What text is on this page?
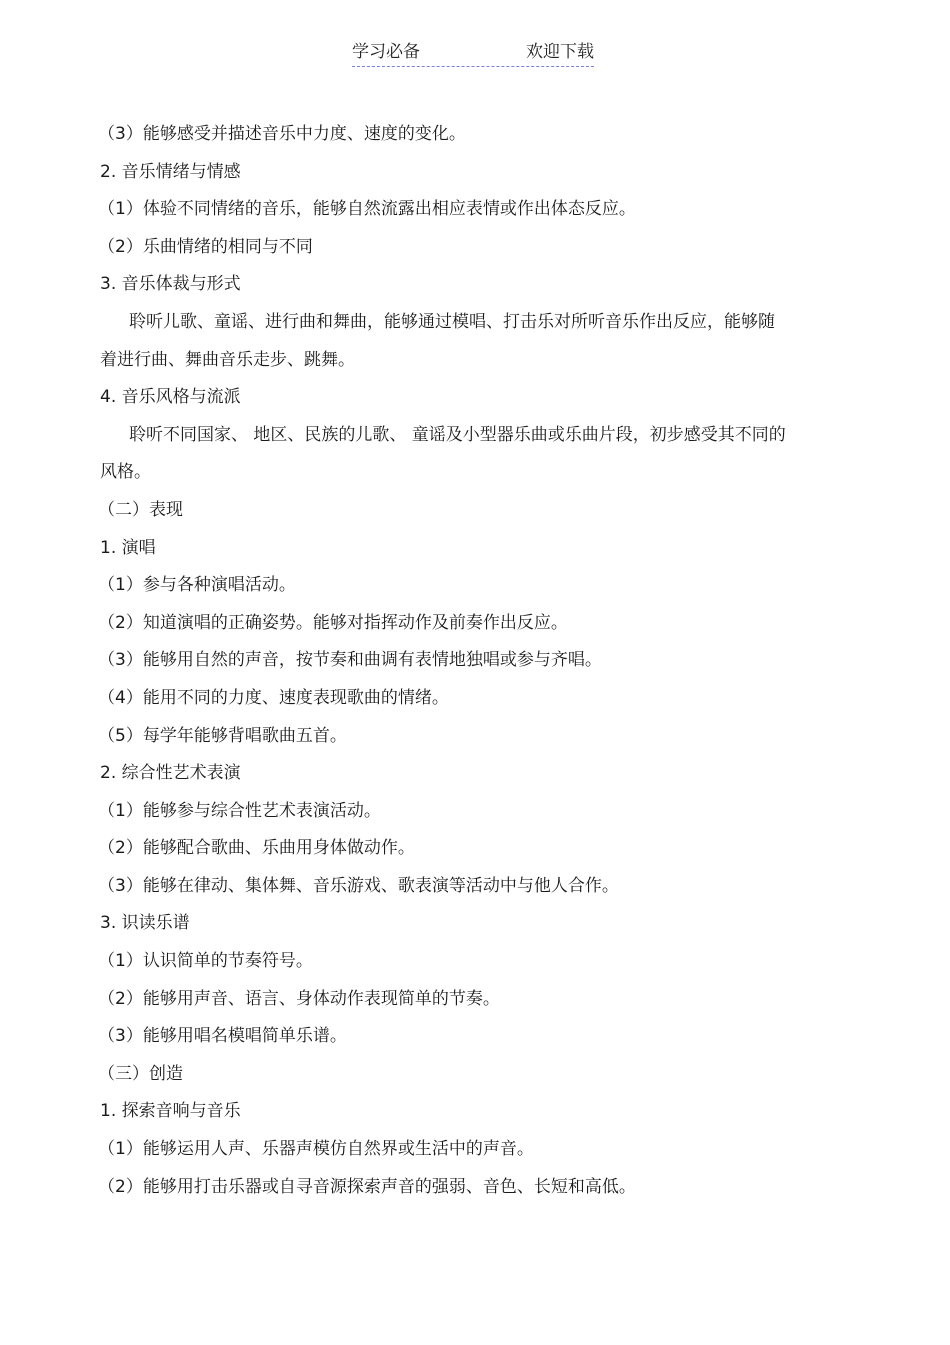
学习必备	欢迎下载
（3）能够感受并描述音乐中力度、速度的变化。
2. 音乐情绪与情感
（1）体验不同情绪的音乐，能够自然流露出相应表情或作出体态反应。
（2）乐曲情绪的相同与不同
3. 音乐体裁与形式
聆听儿歌、童谣、进行曲和舞曲，能够通过模唱、打击乐对所听音乐作出反应，能够随
着进行曲、舞曲音乐走步、跳舞。
4. 音乐风格与流派
聆听不同国家、 地区、民族的儿歌、 童谣及小型器乐曲或乐曲片段，初步感受其不同的
风格。
（二）表现
1. 演唱
（1）参与各种演唱活动。
（2）知道演唱的正确姿势。能够对指挥动作及前奏作出反应。
（3）能够用自然的声音，按节奏和曲调有表情地独唱或参与齐唱。
（4）能用不同的力度、速度表现歌曲的情绪。
（5）每学年能够背唱歌曲五首。
2. 综合性艺术表演
（1）能够参与综合性艺术表演活动。
（2）能够配合歌曲、乐曲用身体做动作。
（3）能够在律动、集体舞、音乐游戏、歌表演等活动中与他人合作。
3. 识读乐谱
（1）认识简单的节奏符号。
（2）能够用声音、语言、身体动作表现简单的节奏。
（3）能够用唱名模唱简单乐谱。
（三）创造
1. 探索音响与音乐
（1）能够运用人声、乐器声模仿自然界或生活中的声音。
（2）能够用打击乐器或自寻音源探索声音的强弱、音色、长短和高低。
